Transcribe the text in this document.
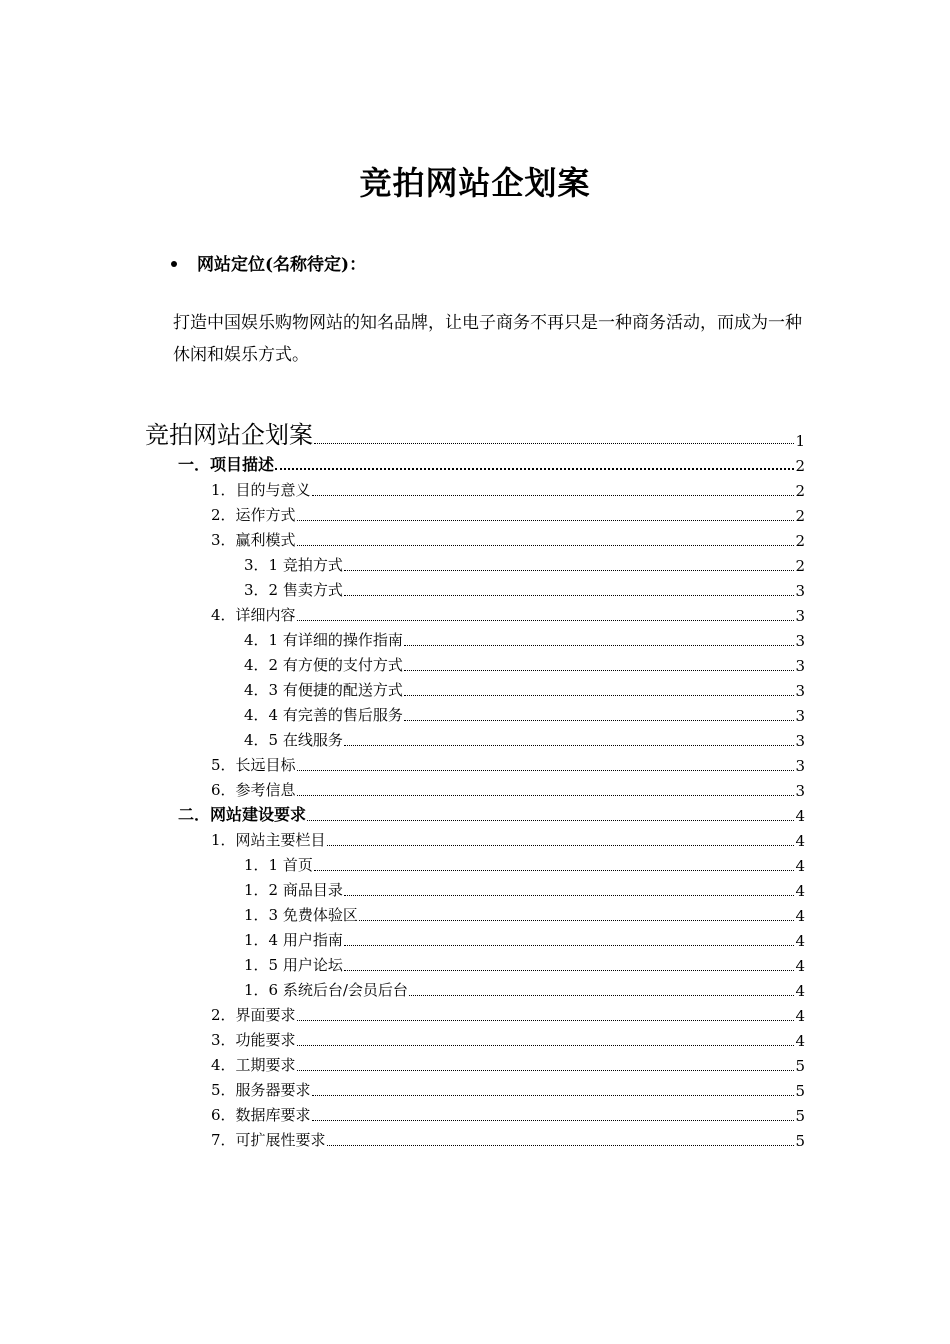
竞拍网站企划案
网站定位(名称待定)：
打造中国娱乐购物网站的知名品牌，让电子商务不再只是一种商务活动，而成为一种休闲和娱乐方式。
竞拍网站企划案	1
一．项目描述	2
1．目的与意义	2
2．运作方式	2
3．赢利模式	2
3．1 竞拍方式	2
3．2 售卖方式	3
4．详细内容	3
4．1 有详细的操作指南	3
4．2 有方便的支付方式	3
4．3 有便捷的配送方式	3
4．4 有完善的售后服务	3
4．5 在线服务	3
5．长远目标	3
6．参考信息	3
二．网站建设要求	4
1．网站主要栏目	4
1．1 首页	4
1．2 商品目录	4
1．3 免费体验区	4
1．4 用户指南	4
1．5 用户论坛	4
1．6 系统后台/会员后台	4
2．界面要求	4
3．功能要求	4
4．工期要求	5
5．服务器要求	5
6．数据库要求	5
7．可扩展性要求	5
